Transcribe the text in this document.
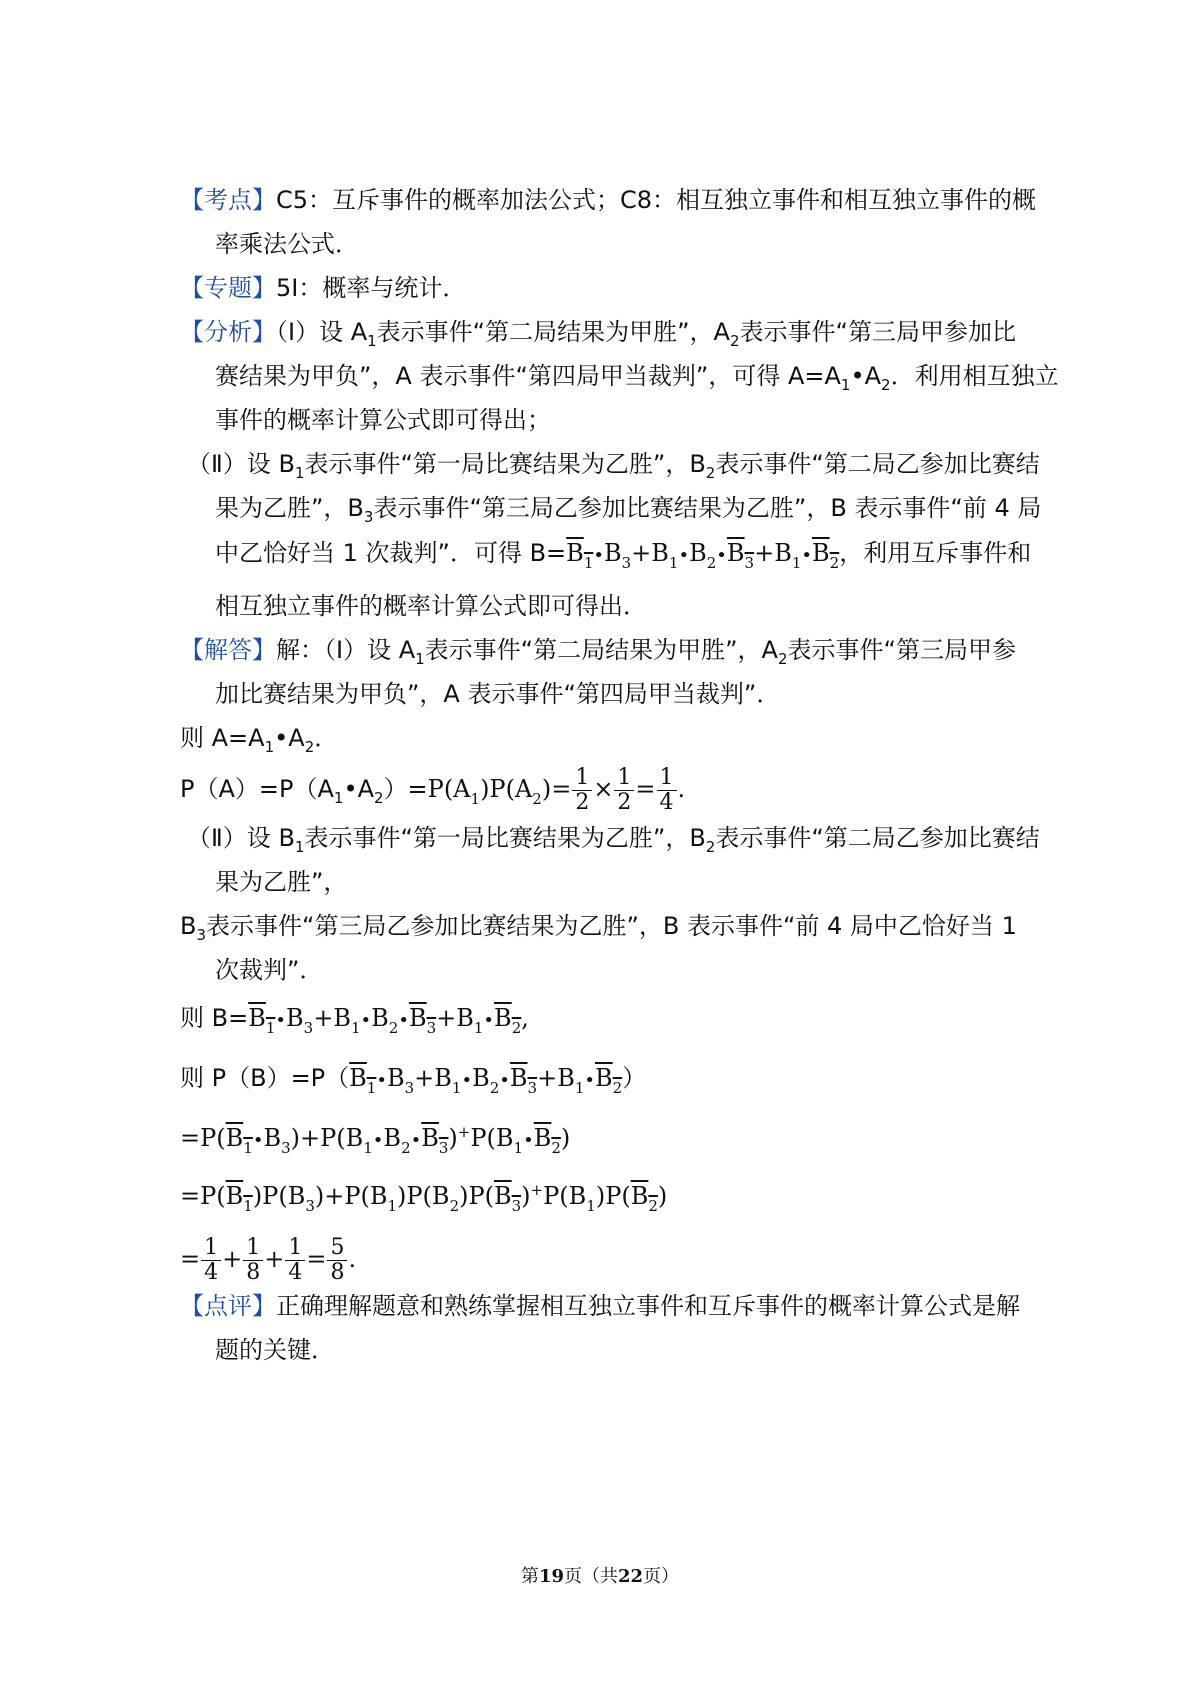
【考点】C5：互斥事件的概率加法公式；C8：相互独立事件和相互独立事件的概
率乘法公式．
【专题】5I：概率与统计．
【分析】（Ⅰ）设 $A_1$表示事件“第二局结果为甲胜”，$A_2$表示事件“第三局甲参加比
赛结果为甲负”，A 表示事件“第四局甲当裁判”，可得 $A=A_1•A_2$．利用相互独立
事件的概率计算公式即可得出；
（Ⅱ）设 $B_1$表示事件“第一局比赛结果为乙胜”，$B_2$表示事件“第二局乙参加比赛结
果为乙胜”，$B_3$表示事件“第三局乙参加比赛结果为乙胜”，B 表示事件“前 4 局
中乙恰好当 1 次裁判”．可得 $B=B_1•B_3+B_1•B_2•B_3+B_1•B_2$，利用互斥事件和
相互独立事件的概率计算公式即可得出．
【解答】解：（Ⅰ）设 $A_1$表示事件“第二局结果为甲胜”，$A_2$表示事件“第三局甲参
加比赛结果为甲负”，A 表示事件“第四局甲当裁判”．
则 $A=A_1•A_2$．
$P(A)=P(A_1•A_2)=P(A_1)P(A_2)= \frac{1}{2} \times \frac{1}{2} = \frac{1}{4}$ .
（Ⅱ）设 $B_1$表示事件“第一局比赛结果为乙胜”，$B_2$表示事件“第二局乙参加比赛结
果为乙胜”，
$B_3$表示事件“第三局乙参加比赛结果为乙胜”，B 表示事件“前 4 局中乙恰好当 1
次裁判”．
则 $B=B_1•B_3+B_1•B_2•B_3+B_1•B_2$,
则 $P(B)=P(B_1•B_3+B_1•B_2•B_3+B_1•B_2)$
$=P(B_1•B_3)+P(B_1•B_2•B_3)^+P(B_1•B_2)$
$=P(B_1)P(B_3)+P(B_1)P(B_2)P(B_3)^+P(B_1)P(B_2)$
= $\frac{1}{4} + \frac{1}{8} + \frac{1}{4} = \frac{5}{8}$ .
【点评】正确理解题意和熟练掌握相互独立事件和互斥事件的概率计算公式是解
题的关键．
第19页（共22页）
